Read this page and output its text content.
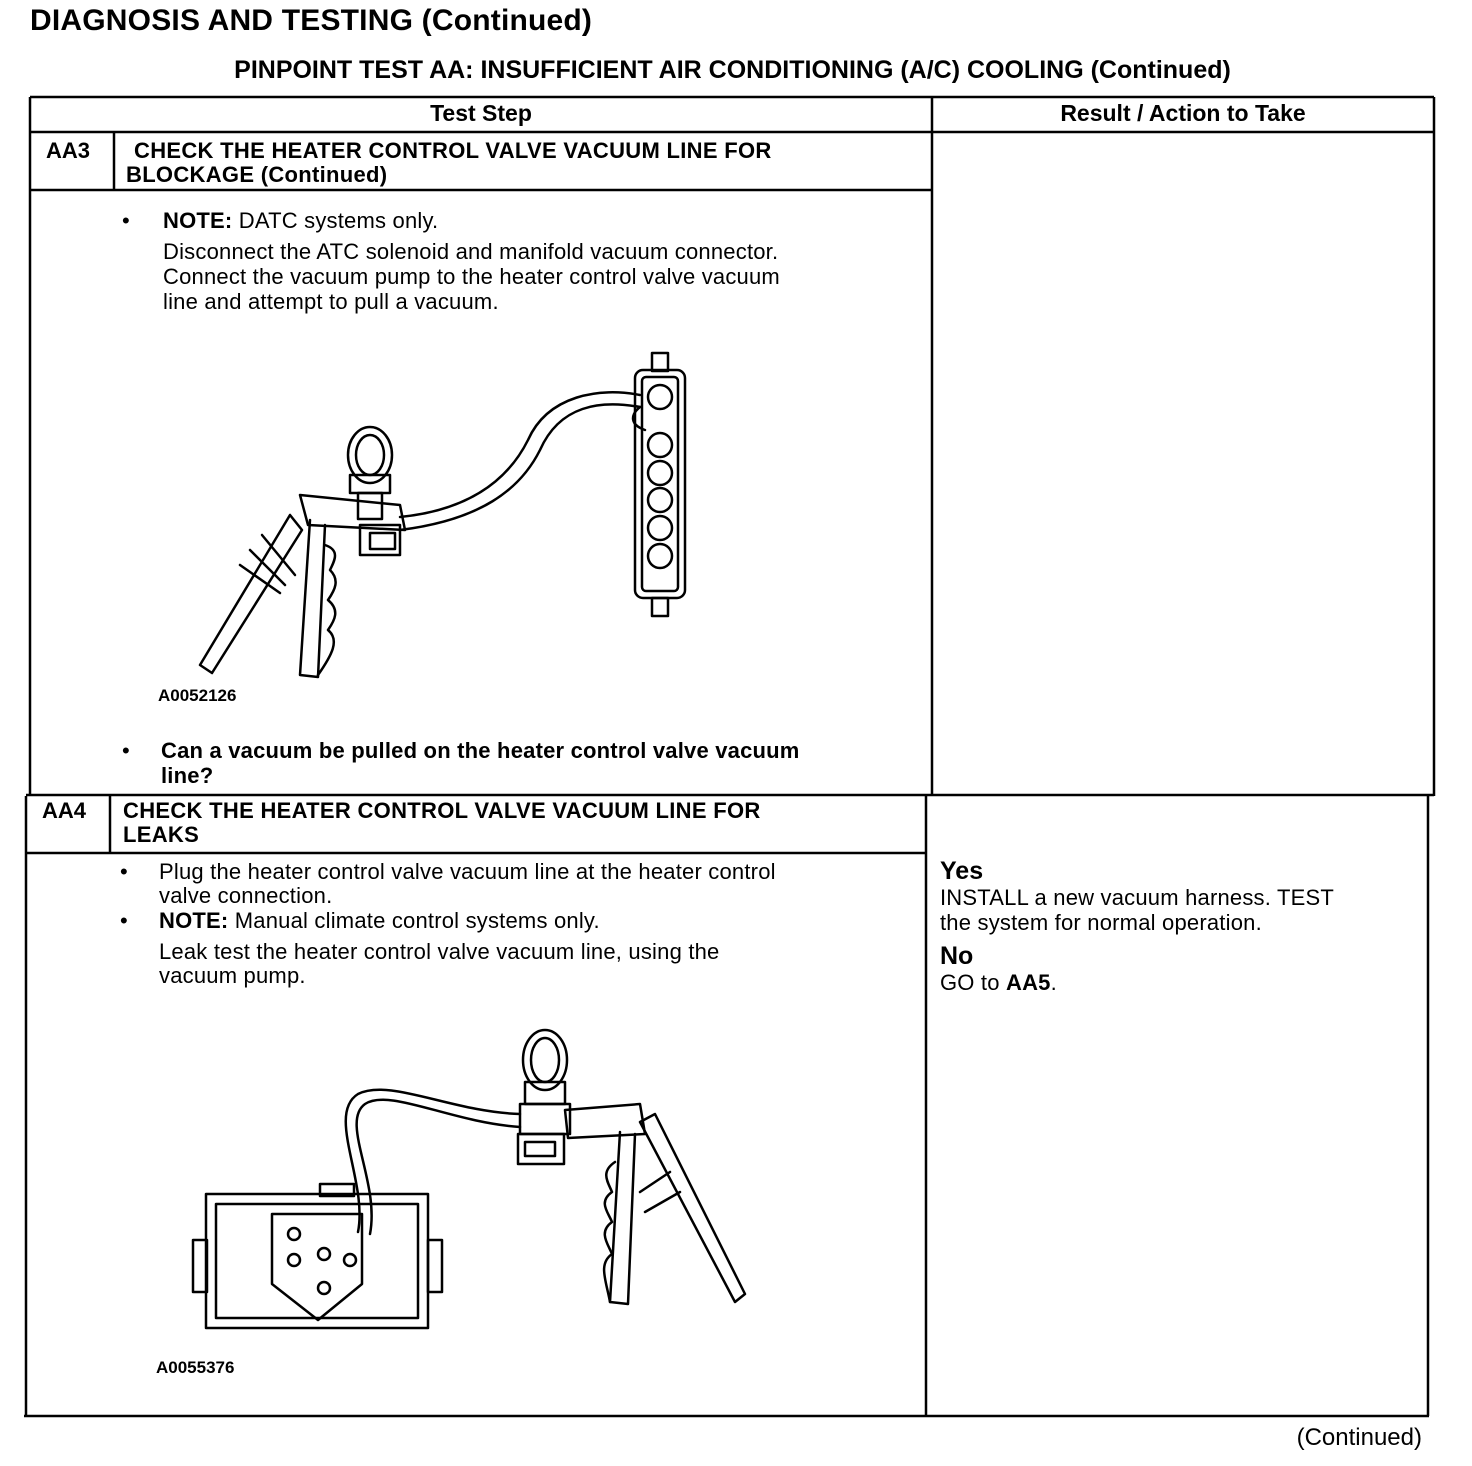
DIAGNOSIS AND TESTING (Continued)
PINPOINT TEST AA: INSUFFICIENT AIR CONDITIONING (A/C) COOLING (Continued)
Test Step	Result / Action to Take
AA3 CHECK THE HEATER CONTROL VALVE VACUUM LINE FOR
BLOCKAGE (Continued)
• NOTE: DATC systems only.
Disconnect the ATC solenoid and manifold vacuum connector.
Connect the vacuum pump to the heater control valve vacuum
line and attempt to pull a vacuum.
A0052126
• Can a vacuum be pulled on the heater control valve vacuum
line?
AA4 CHECK THE HEATER CONTROL VALVE VACUUM LINE FOR
LEAKS
• Plug the heater control valve vacuum line at the heater control
valve connection.
• NOTE: Manual climate control systems only.
Leak test the heater control valve vacuum line, using the
vacuum pump.
A0055376
Yes
INSTALL a new vacuum harness. TEST
the system for normal operation.
No
GO to AA5.
(Continued)
